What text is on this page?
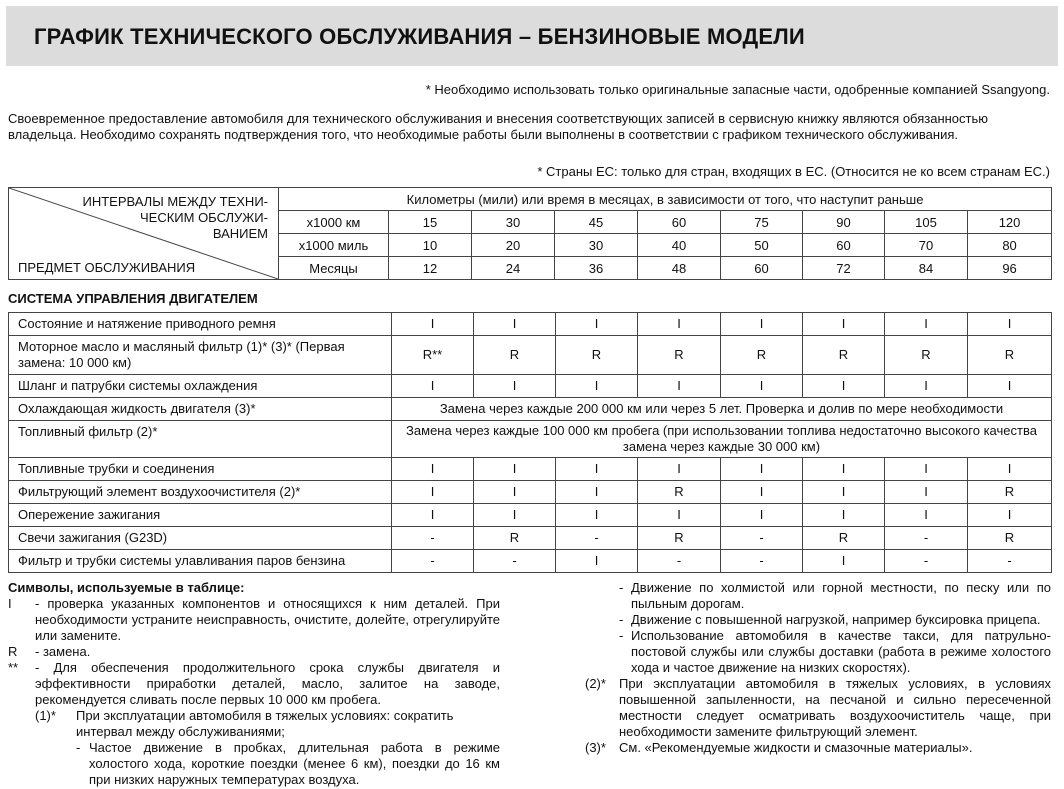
ГРАФИК ТЕХНИЧЕСКОГО ОБСЛУЖИВАНИЯ – БЕНЗИНОВЫЕ МОДЕЛИ
* Необходимо использовать только оригинальные запасные части, одобренные компанией Ssangyong.

Своевременное предоставление автомобиля для технического обслуживания и внесения соответствующих записей в сервисную книжку являются обязанностью владельца. Необходимо сохранять подтверждения того, что необходимые работы были выполнены в соответствии с графиком технического обслуживания.

* Страны ЕС: только для стран, входящих в ЕС. (Относится не ко всем странам ЕС.)
ИНТЕРВАЛЫ МЕЖДУ ТЕХНИ-
ЧЕСКИМ ОБСЛУЖИ-
ВАНИЕМ
ПРЕДМЕТ ОБСЛУЖИВАНИЯ	Километры (мили) или время в месяцах, в зависимости от того, что наступит раньше								
	x1000 км	15	30	45	60	75	90	105	120
	x1000 миль	10	20	30	40	50	60	70	80
	Месяцы	12	24	36	48	60	72	84	96
СИСТЕМА УПРАВЛЕНИЯ ДВИГАТЕЛЕМ
Состояние и натяжение приводного ремня	I	I	I	I	I	I	I	I
Моторное масло и масляный фильтр (1)* (3)* (Первая замена: 10 000 км)	R**	R	R	R	R	R	R	R
Шланг и патрубки системы охлаждения	I	I	I	I	I	I	I	I
Охлаждающая жидкость двигателя (3)*	Замена через каждые 200 000 км или через 5 лет. Проверка и долив по мере необходимости							
Топливный фильтр (2)*	Замена через каждые 100 000 км пробега (при использовании топлива недостаточно высокого качества замена через каждые 30 000 км)							
Топливные трубки и соединения	I	I	I	I	I	I	I	I
Фильтрующий элемент воздухоочистителя (2)*	I	I	I	R	I	I	I	R
Опережение зажигания	I	I	I	I	I	I	I	I
Свечи зажигания (G23D)	-	R	-	R	-	R	-	R
Фильтр и трубки системы улавливания паров бензина	-	-	I	-	-	I	-	-

Символы, используемые в таблице:

I	- проверка указанных компонентов и относящихся к ним деталей. При необходимости устраните неисправность, очистите, долейте, отрегулируйте или замените.
R	- замена.
**	- Для обеспечения продолжительного срока службы двигателя и эффективности приработки деталей, масло, залитое на заводе, рекомендуется сливать после первых 10 000 км пробега.
(1)*	При эксплуатации автомобиля в тяжелых условиях: сократить интервал между обслуживаниями;
- Частое движение в пробках, длительная работа в режиме холостого хода, короткие поездки (менее 6 км), поездки до 16 км при низких наружных температурах воздуха.
- Движение по холмистой или горной местности, по песку или по пыльным дорогам.
- Движение с повышенной нагрузкой, например буксировка прицепа.
- Использование автомобиля в качестве такси, для патрульно-постовой службы или службы доставки (работа в режиме холостого хода и частое движение на низких скоростях).
(2)*	При эксплуатации автомобиля в тяжелых условиях, в условиях повышенной запыленности, на песчаной и сильно пересеченной местности следует осматривать воздухоочиститель чаще, при необходимости замените фильтрующий элемент.
(3)*	См. «Рекомендуемые жидкости и смазочные материалы».
